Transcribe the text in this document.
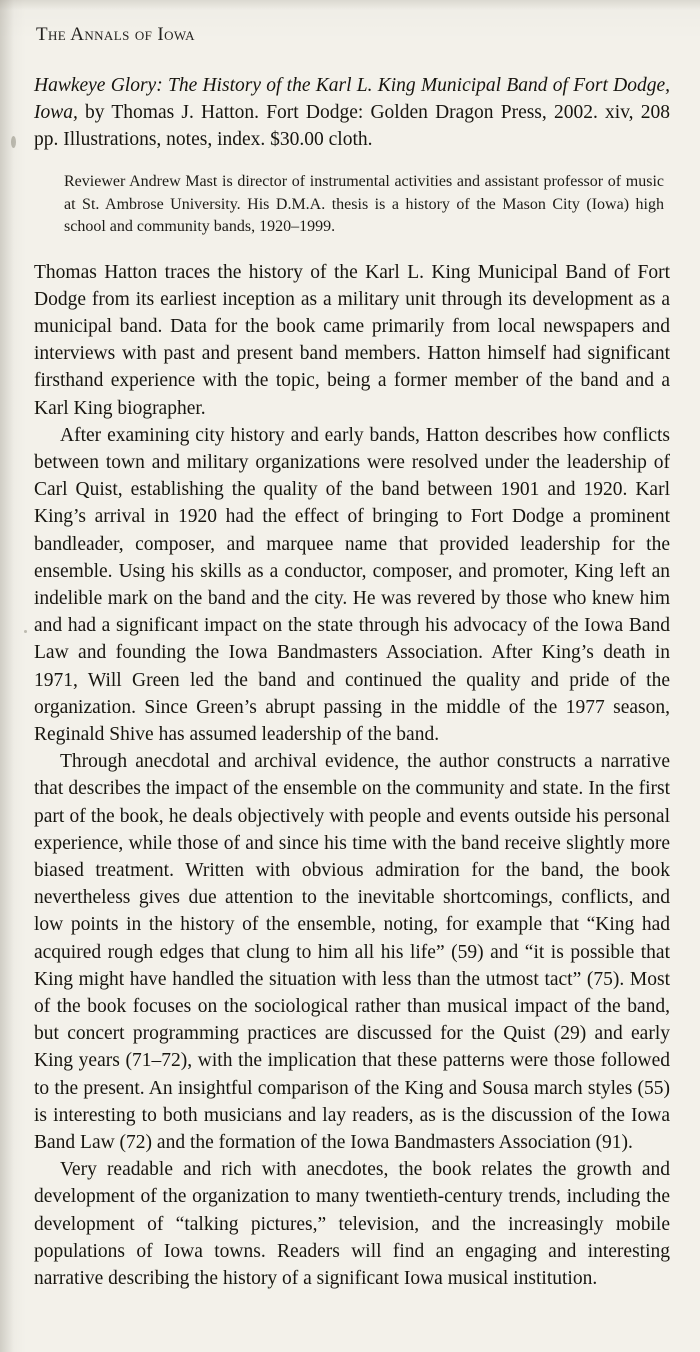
The Annals of Iowa
Hawkeye Glory: The History of the Karl L. King Municipal Band of Fort Dodge, Iowa, by Thomas J. Hatton. Fort Dodge: Golden Dragon Press, 2002. xiv, 208 pp. Illustrations, notes, index. $30.00 cloth.
Reviewer Andrew Mast is director of instrumental activities and assistant professor of music at St. Ambrose University. His D.M.A. thesis is a history of the Mason City (Iowa) high school and community bands, 1920–1999.

Thomas Hatton traces the history of the Karl L. King Municipal Band of Fort Dodge from its earliest inception as a military unit through its development as a municipal band. Data for the book came primarily from local newspapers and interviews with past and present band members. Hatton himself had significant firsthand experience with the topic, being a former member of the band and a Karl King biographer.

After examining city history and early bands, Hatton describes how conflicts between town and military organizations were resolved under the leadership of Carl Quist, establishing the quality of the band between 1901 and 1920. Karl King’s arrival in 1920 had the effect of bringing to Fort Dodge a prominent bandleader, composer, and marquee name that provided leadership for the ensemble. Using his skills as a conductor, composer, and promoter, King left an indelible mark on the band and the city. He was revered by those who knew him and had a significant impact on the state through his advocacy of the Iowa Band Law and founding the Iowa Bandmasters Association. After King’s death in 1971, Will Green led the band and continued the quality and pride of the organization. Since Green’s abrupt passing in the middle of the 1977 season, Reginald Shive has assumed leadership of the band.

Through anecdotal and archival evidence, the author constructs a narrative that describes the impact of the ensemble on the community and state. In the first part of the book, he deals objectively with people and events outside his personal experience, while those of and since his time with the band receive slightly more biased treatment. Written with obvious admiration for the band, the book nevertheless gives due attention to the inevitable shortcomings, conflicts, and low points in the history of the ensemble, noting, for example that “King had acquired rough edges that clung to him all his life” (59) and “it is possible that King might have handled the situation with less than the utmost tact” (75). Most of the book focuses on the sociological rather than musical impact of the band, but concert programming practices are discussed for the Quist (29) and early King years (71–72), with the implication that these patterns were those followed to the present. An insightful comparison of the King and Sousa march styles (55) is interesting to both musicians and lay readers, as is the discussion of the Iowa Band Law (72) and the formation of the Iowa Bandmasters Association (91).

Very readable and rich with anecdotes, the book relates the growth and development of the organization to many twentieth-century trends, including the development of “talking pictures,” television, and the increasingly mobile populations of Iowa towns. Readers will find an engaging and interesting narrative describing the history of a significant Iowa musical institution.
